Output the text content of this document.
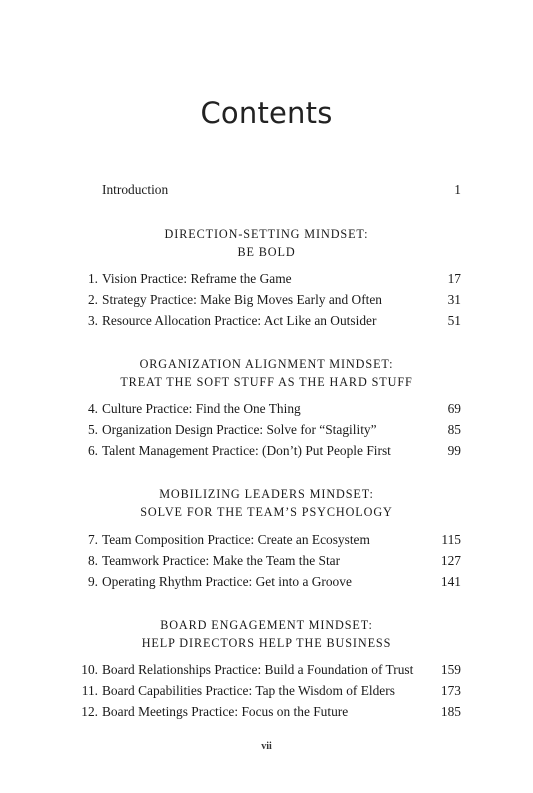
Contents
Introduction	1
DIRECTION-SETTING MINDSET:
BE BOLD
1. Vision Practice: Reframe the Game	17
2. Strategy Practice: Make Big Moves Early and Often	31
3. Resource Allocation Practice: Act Like an Outsider	51
ORGANIZATION ALIGNMENT MINDSET:
TREAT THE SOFT STUFF AS THE HARD STUFF
4. Culture Practice: Find the One Thing	69
5. Organization Design Practice: Solve for “Stagility”	85
6. Talent Management Practice: (Don’t) Put People First	99
MOBILIZING LEADERS MINDSET:
SOLVE FOR THE TEAM’S PSYCHOLOGY
7. Team Composition Practice: Create an Ecosystem	115
8. Teamwork Practice: Make the Team the Star	127
9. Operating Rhythm Practice: Get into a Groove	141
BOARD ENGAGEMENT MINDSET:
HELP DIRECTORS HELP THE BUSINESS
10. Board Relationships Practice: Build a Foundation of Trust 159
11. Board Capabilities Practice: Tap the Wisdom of Elders	173
12. Board Meetings Practice: Focus on the Future	185
vii
